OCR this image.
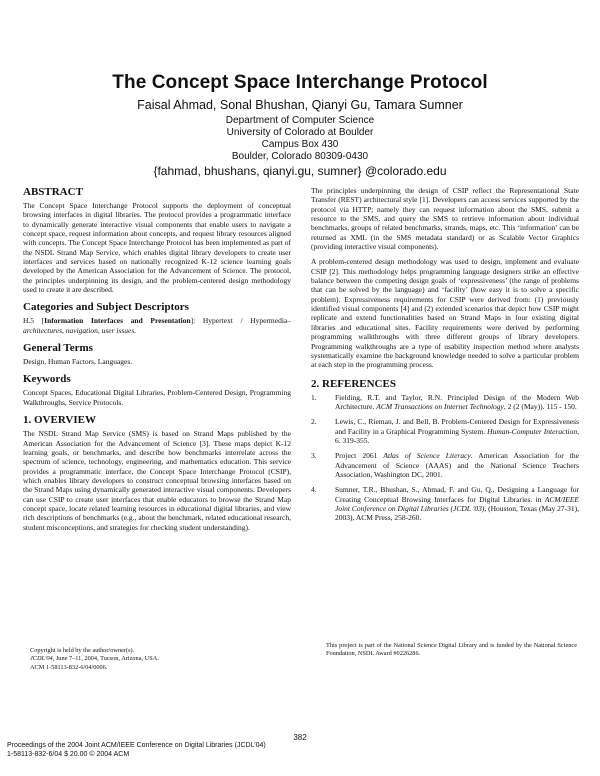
The Concept Space Interchange Protocol
Faisal Ahmad, Sonal Bhushan, Qianyi Gu, Tamara Sumner
Department of Computer Science
University of Colorado at Boulder
Campus Box 430
Boulder, Colorado 80309-0430
{fahmad, bhushans, qianyi.gu, sumner} @colorado.edu
ABSTRACT

The Concept Space Interchange Protocol supports the deployment of conceptual browsing interfaces in digital libraries. The protocol provides a programmatic interface to dynamically generate interactive visual components that enable users to navigate a concept space, request information about concepts, and request library resources aligned with concepts. The Concept Space Interchange Protocol has been implemented as part of the NSDL Strand Map Service, which enables digital library developers to create user interfaces and services based on nationally recognized K-12 science learning goals developed by the American Association for the Advancement of Science. The protocol, the principles underpinning its design, and the problem-centered design methodology used to create it are described.

Categories and Subject Descriptors

H.5 [Information Interfaces and Presentation]: Hypertext / Hypermedia– architectures, navigation, user issues.

General Terms

Design, Human Factors, Languages.

Keywords

Concept Spaces, Educational Digital Libraries, Problem-Centered Design, Programming Walkthroughs, Service Protocols.

1. OVERVIEW

The NSDL Strand Map Service (SMS) is based on Strand Maps published by the American Association for the Advancement of Science [3]. These maps depict K-12 learning goals, or benchmarks, and describe how benchmarks interrelate across the spectrum of science, technology, engineering, and mathematics education. This service provides a programmatic interface, the Concept Space Interchange Protocol (CSIP), which enables library developers to construct conceptual browsing interfaces based on the Strand Maps using dynamically generated interactive visual components. Developers can use CSIP to create user interfaces that enable educators to browse the Strand Map concept space, locate related learning resources in educational digital libraries, and view rich descriptions of benchmarks (e.g., about the benchmark, related educational research, student misconceptions, and strategies for checking student understanding).

The principles underpinning the design of CSIP reflect the Representational State Transfer (REST) architectural style [1]. Developers can access services supported by the protocol via HTTP; namely they can request information about the SMS, submit a resource to the SMS, and query the SMS to retrieve information about individual benchmarks, groups of related benchmarks, strands, maps, etc. This ‘information’ can be returned as XML (in the SMS metadata standard) or as Scalable Vector Graphics (providing interactive visual components).

A problem-centered design methodology was used to design, implement and evaluate CSIP [2]. This methodology helps programming language designers strike an effective balance between the competing design goals of ‘expressiveness’ (the range of problems that can be solved by the language) and ‘facility’ (how easy it is to solve a specific problem). Expressiveness requirements for CSIP were derived from: (1) previously identified visual components [4] and (2) extended scenarios that depict how CSIP might replicate and extend functionalities based on Strand Maps in four existing digital libraries and educational sites. Facility requirements were derived by performing programming walkthroughs with three different groups of library developers. Programming walkthroughs are a type of usability inspection method where analysts systematically examine the background knowledge needed to solve a particular problem at each step in the programming process.

2. REFERENCES
1. Fielding, R.T. and Taylor, R.N. Principled Design of the Modern Web Architecture. ACM Transactions on Internet Technology, 2 (2 (May)). 115 - 150.
2. Lewis, C., Rieman, J. and Bell, B. Problem-Centered Design for Expressiveness and Facility in a Graphical Programming System. Human-Computer Interaction, 6. 319-355.
3. Project 2061 Atlas of Science Literacy. American Association for the Advancement of Science (AAAS) and the National Science Teachers Association, Washington DC, 2001.
4. Sumner, T.R., Bhushan, S., Ahmad, F. and Gu, Q., Designing a Language for Creating Conceptual Browsing Interfaces for Digital Libraries. in ACM/IEEE Joint Conference on Digital Libraries (JCDL '03), (Houston, Texas (May 27-31), 2003), ACM Press, 258-260.
This project is part of the National Science Digital Library and is funded by the National Science Foundation, NSDL Award #0226286.
Copyright is held by the author/owner(s).
JCDL'04, June 7–11, 2004, Tucson, Arizona, USA.
ACM 1-58113-832-6/04/0006.
382
Proceedings of the 2004 Joint ACM/IEEE Conference on Digital Libraries (JCDL’04)
1-58113-832-6/04 $ 20.00 © 2004 ACM
